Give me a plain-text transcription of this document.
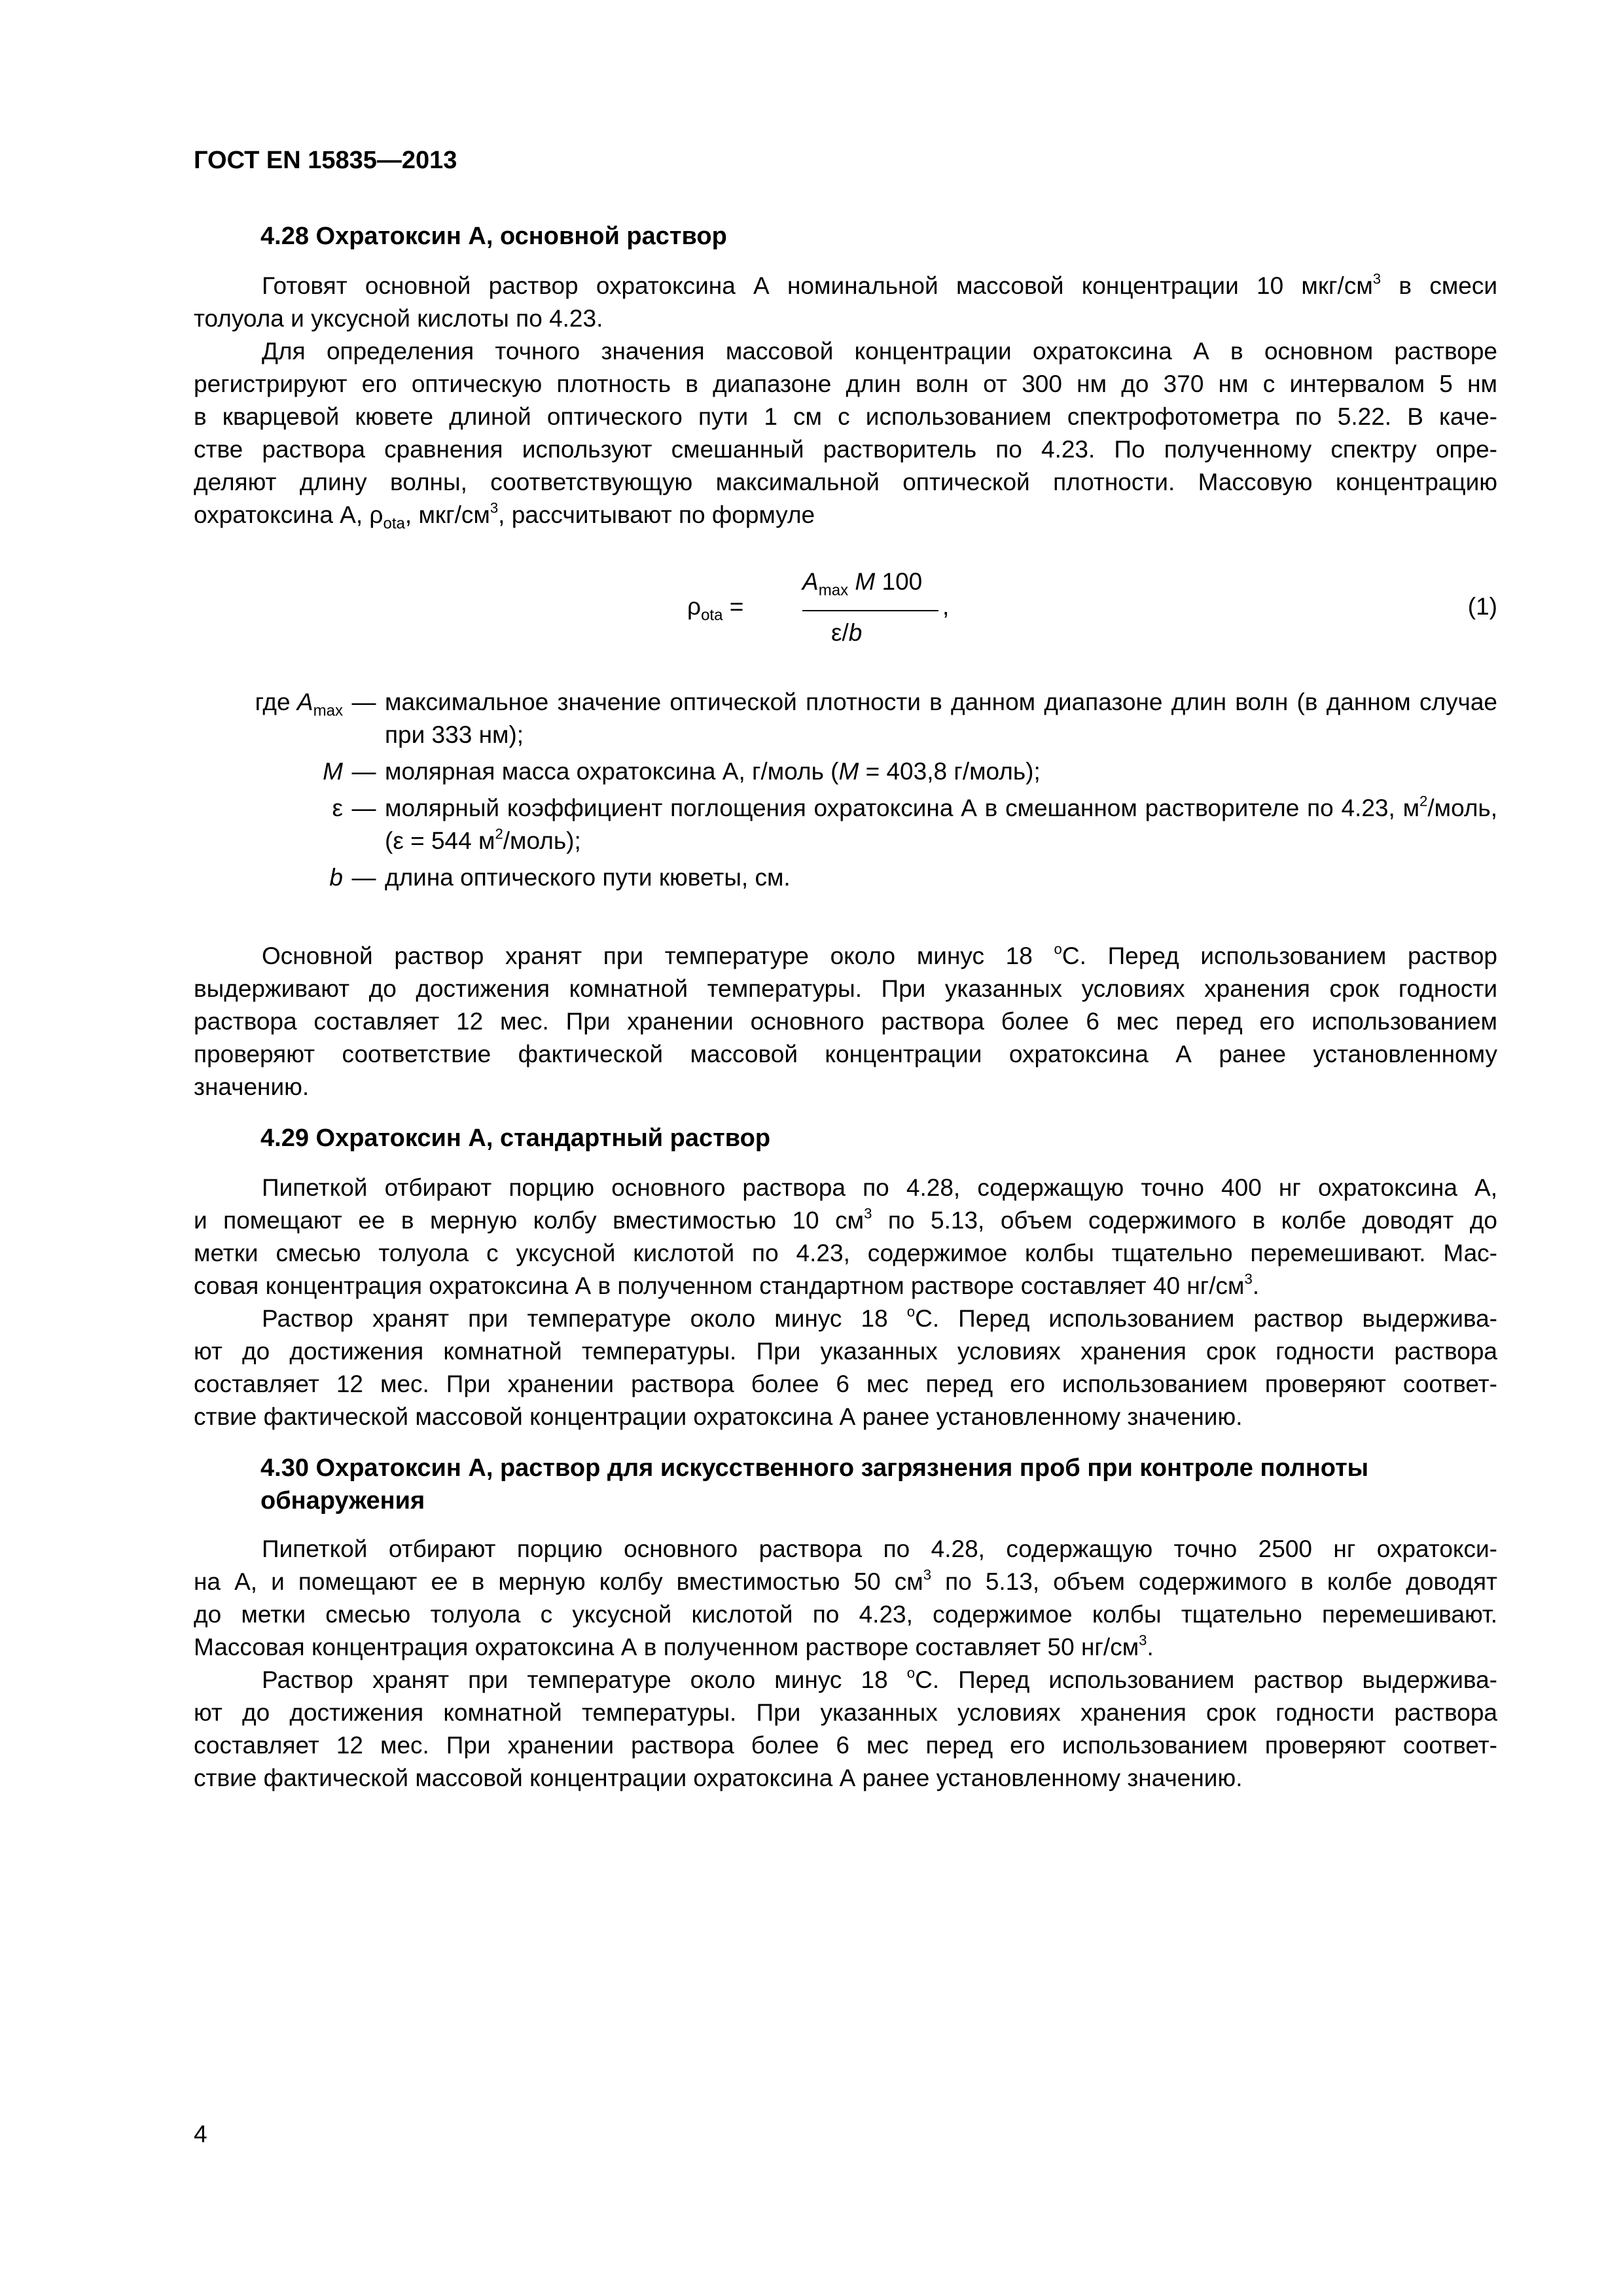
ГОСТ EN 15835—2013
4.28 Охратоксин А, основной раствор
Готовят основной раствор охратоксина А номинальной массовой концентрации 10 мкг/$см^3$ в смеси
толуола и уксусной кислоты по 4.23.
Для определения точного значения массовой концентрации охратоксина А в основном растворе
регистрируют его оптическую плотность в диапазоне длин волн от 300 нм до 370 нм с интервалом 5 нм
в кварцевой кювете длиной оптического пути 1 см с использованием спектрофотометра по 5.22. В каче-
стве раствора сравнения используют смешанный растворитель по 4.23. По полученному спектру опре-
деляют длину волны, соответствующую максимальной оптической плотности. Массовую концентрацию
охратоксина А, $\rho_{ota}$, мкг/$см^3$, рассчитывают по формуле
$\rho_{ota}$ =
$A_{max}$ M 100
ε/b
,	(1)
где $A_{max}$ — максимальное значение оптической плотности в данном диапазоне длин волн (в данном случае при 333 нм);
M — молярная масса охратоксина А, г/моль (M = 403,8 г/моль);
ε — молярный коэффициент поглощения охратоксина А в смешанном растворителе по 4.23, $м^2$/моль, (ε = 544 $м^2/моль$);
b — длина оптического пути кюветы, см.
Основной раствор хранят при температуре около минус 18 $^o$С. Перед использованием раствор
выдерживают до достижения комнатной температуры. При указанных условиях хранения срок годности
раствора составляет 12 мес. При хранении основного раствора более 6 мес перед его использованием
проверяют соответствие фактической массовой концентрации охратоксина А ранее установленному
значению.
4.29 Охратоксин А, стандартный раствор
Пипеткой отбирают порцию основного раствора по 4.28, содержащую точно 400 нг охратоксина А,
и помещают ее в мерную колбу вместимостью 10 $см^3$ по 5.13, объем содержимого в колбе доводят до
метки смесью толуола с уксусной кислотой по 4.23, содержимое колбы тщательно перемешивают. Мас-
совая концентрация охратоксина А в полученном стандартном растворе составляет 40 $нг/см^3$.
Раствор хранят при температуре около минус 18 $^o$С. Перед использованием раствор выдержива-
ют до достижения комнатной температуры. При указанных условиях хранения срок годности раствора
составляет 12 мес. При хранении раствора более 6 мес перед его использованием проверяют соответ-
ствие фактической массовой концентрации охратоксина А ранее установленному значению.
4.30 Охратоксин А, раствор для искусственного загрязнения проб при контроле полноты
обнаружения
Пипеткой отбирают порцию основного раствора по 4.28, содержащую точно 2500 нг охратокси-
на А, и помещают ее в мерную колбу вместимостью 50 $см^3$ по 5.13, объем содержимого в колбе доводят
до метки смесью толуола с уксусной кислотой по 4.23, содержимое колбы тщательно перемешивают.
Массовая концентрация охратоксина А в полученном растворе составляет 50 $нг/см^3$.
Раствор хранят при температуре около минус 18 $^o$С. Перед использованием раствор выдержива-
ют до достижения комнатной температуры. При указанных условиях хранения срок годности раствора
составляет 12 мес. При хранении раствора более 6 мес перед его использованием проверяют соответ-
ствие фактической массовой концентрации охратоксина А ранее установленному значению.
4
